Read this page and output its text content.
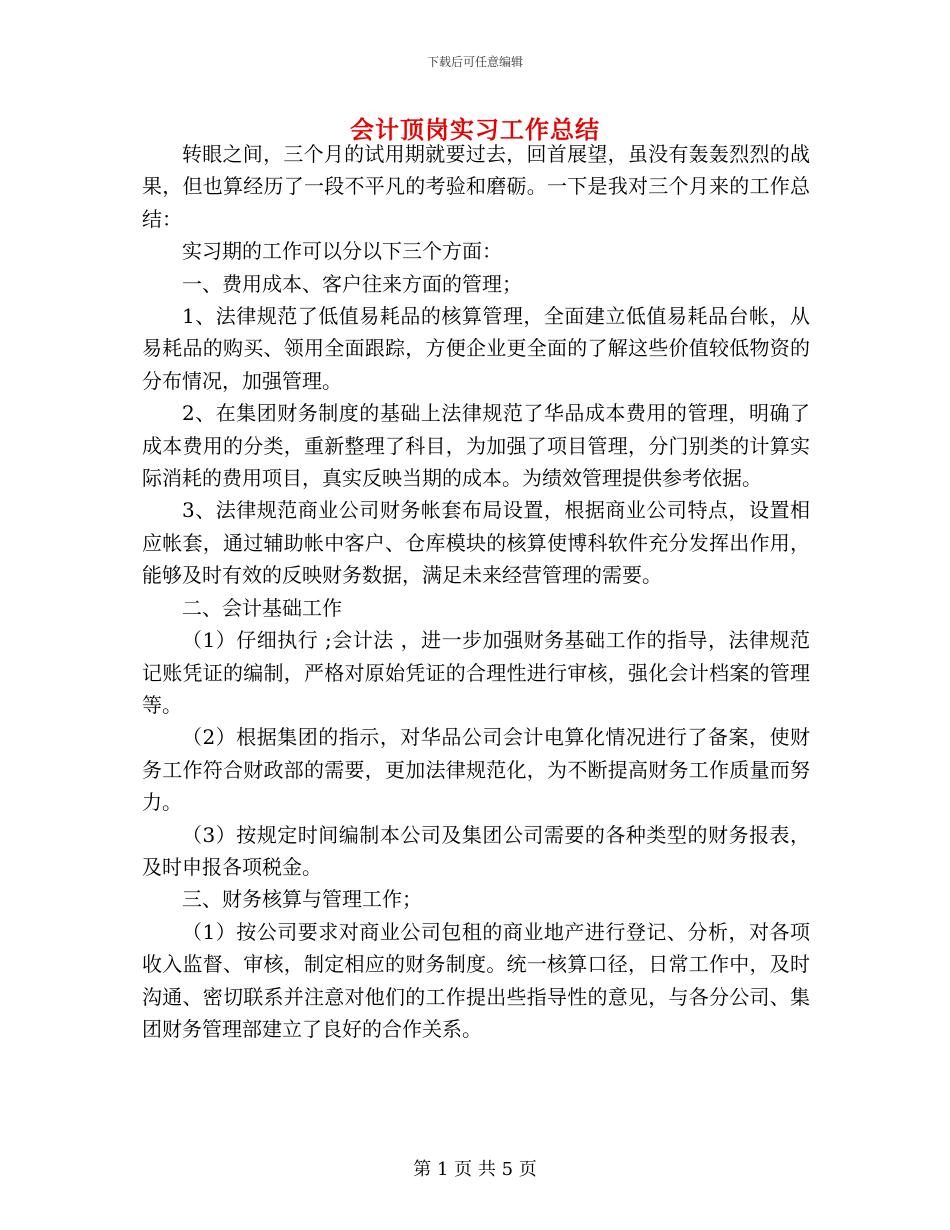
下载后可任意编辑
会计顶岗实习工作总结

转眼之间，三个月的试用期就要过去，回首展望，虽没有轰轰烈烈的战果，但也算经历了一段不平凡的考验和磨砺。一下是我对三个月来的工作总结：

实习期的工作可以分以下三个方面：

一、费用成本、客户往来方面的管理；

1、法律规范了低值易耗品的核算管理，全面建立低值易耗品台帐，从易耗品的购买、领用全面跟踪，方便企业更全面的了解这些价值较低物资的分布情况，加强管理。

2、在集团财务制度的基础上法律规范了华品成本费用的管理，明确了成本费用的分类，重新整理了科目，为加强了项目管理，分门别类的计算实际消耗的费用项目，真实反映当期的成本。为绩效管理提供参考依据。

3、法律规范商业公司财务帐套布局设置，根据商业公司特点，设置相应帐套，通过辅助帐中客户、仓库模块的核算使博科软件充分发挥出作用，能够及时有效的反映财务数据，满足未来经营管理的需要。

二、会计基础工作

（1）仔细执行 ;会计法 ，进一步加强财务基础工作的指导，法律规范记账凭证的编制，严格对原始凭证的合理性进行审核，强化会计档案的管理等。

（2）根据集团的指示，对华品公司会计电算化情况进行了备案，使财务工作符合财政部的需要，更加法律规范化，为不断提高财务工作质量而努力。

（3）按规定时间编制本公司及集团公司需要的各种类型的财务报表，及时申报各项税金。

三、财务核算与管理工作；

（1）按公司要求对商业公司包租的商业地产进行登记、分析，对各项收入监督、审核，制定相应的财务制度。统一核算口径，日常工作中，及时沟通、密切联系并注意对他们的工作提出些指导性的意见，与各分公司、集团财务管理部建立了良好的合作关系。

第 1 页 共 5 页
